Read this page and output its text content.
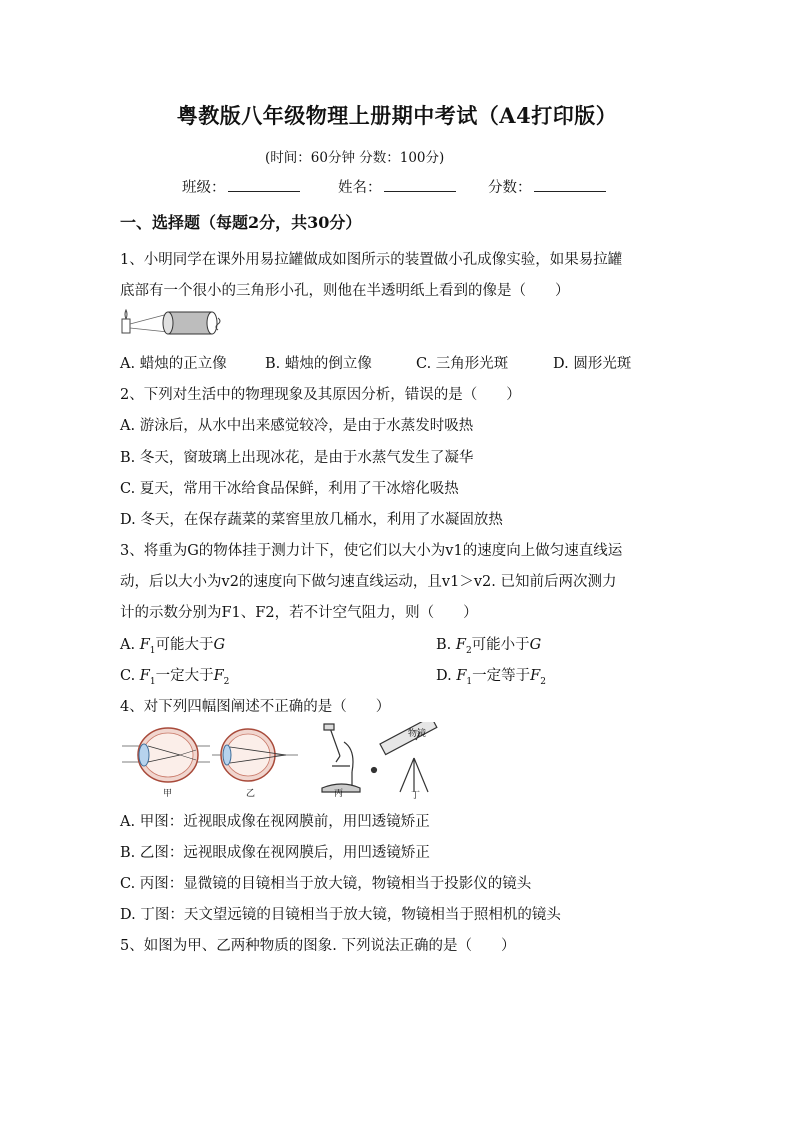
粤教版八年级物理上册期中考试（A4打印版）
(时间：60分钟 分数：100分)
班级：	姓名：	分数：
一、选择题（每题2分，共30分）
1、小明同学在课外用易拉罐做成如图所示的装置做小孔成像实验，如果易拉罐
底部有一个很小的三角形小孔，则他在半透明纸上看到的像是（　　）
A. 蜡烛的正立像	B. 蜡烛的倒立像	C. 三角形光斑	D. 圆形光斑
2、下列对生活中的物理现象及其原因分析，错误的是（　　）
A. 游泳后，从水中出来感觉较冷，是由于水蒸发时吸热
B. 冬天，窗玻璃上出现冰花，是由于水蒸气发生了凝华
C. 夏天，常用干冰给食品保鲜，利用了干冰熔化吸热
D. 冬天，在保存蔬菜的菜窖里放几桶水，利用了水凝固放热
3、将重为G的物体挂于测力计下，使它们以大小为v1的速度向上做匀速直线运
动，后以大小为v2的速度向下做匀速直线运动，且v1＞v2. 已知前后两次测力
计的示数分别为F1、F2，若不计空气阻力，则（　　）
A. $F_1$可能大于G	B. $F_2$可能小于G
C. $F_1$一定大于$F_2$	D. $F_1$一定等于$F_2$
4、对下列四幅图阐述不正确的是（　　）
物镜
甲	乙	丙	丁
A. 甲图：近视眼成像在视网膜前，用凹透镜矫正
B. 乙图：远视眼成像在视网膜后，用凹透镜矫正
C. 丙图：显微镜的目镜相当于放大镜，物镜相当于投影仪的镜头
D. 丁图：天文望远镜的目镜相当于放大镜，物镜相当于照相机的镜头
5、如图为甲、乙两种物质的图象. 下列说法正确的是（　　）
